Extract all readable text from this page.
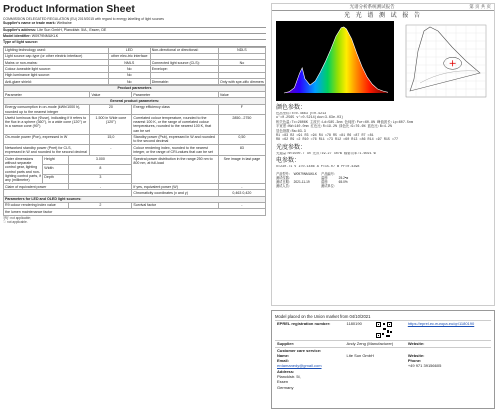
Product Information Sheet
COMMISSION DELEGATED REGULATION (EU) 2019/2015 with regard to energy labelling of light sources
Supplier's name or trade mark: Weibaine
Supplier's address: Lite Sun GmbH, Plancklstr. 5/A , Essen, DE
Model identifier: W0979NMUKLK
Type of light source:
Lighting technology used:	LED	Non-directional or directional:	NDLS
Light source cap-type (or other electric interface)	other elec-tric interface		
Mains or non-mains:	NMLS	Connected light source (CLS):	No
Colour-tuneable light source:	No	Envelope:	
High luminance light source:	No		
Anti-glare shield:	No	Dimmable:	Only with spe-cific dimmers
Product parameters			
Parameter	Value	Parameter	Value
General product parameters:			
Energy consumption in on-mode (kWh/1000 h), rounded up to the nearest integer	20	Energy efficiency class	F
Useful luminous flux (Φuse), indicating if it refers to the flux in a sphere (360°), in a wide cone (120°) or in a narrow cone (90°)	1.500 in Wide cone (120°)	Correlated colour temperature, rounded to the nearest 100 K, or the range of correlated colour temperatures, rounded to the nearest 100 K, that can be set	2850...2750
On-mode power (Pon), expressed in W	15,0	Standby power (Psb), expressed in W and rounded to the second decimal	0,50
Networked standby power (Pnet) for CLS, expressed in W and rounded to the second decimal	-	Colour rendering index, rounded to the nearest integer, or the range of CRI-values that can be set	83
Outer dimensions without separate control gear, lighting control parts and non-lighting control parts, if any (millimetre)	Height	3.000	Spectral power distribution in the range 250 nm to 800 nm, at full-load	See image in last page
	Width	8		
	Depth	3		
Claim of equivalent power		-	If yes, equivalent power (W)	-
			Chromaticity coordinates (x and y)	0,463 0,420
Parameters for LED and OLED light sources:				
R9 colour rendering index value		2	Survival factor	-
the lumen maintenance factor				
'(R)': not applicable;
'-': not applicable.
光谱分析系统测试报告	第 页 共 页
光 光 谱 测 试 报 告
颜色参数：
色品坐标:x=0.4663 y=0.4213
u'=0.2565 v'=0.5214(duv=3.63e-03)
相关色温:Tc=2806K 主波长:Ld=585.3nm 色纯度:Pur=60.8% 峰值波长:Lp=607.5nm
半宽度:HW=140.0nm 红色比:R=19.2% 绿色比:G=76.6% 蓝色比:B=4.2%
显色指数:Ra=83.3
R1 =83 R2 =91 R3 =94 R4 =78 R5 =81 R6 =87 R7 =81
R8 =62 R9 =2 R10 =76 R11 =73 R12 =60 R13 =86 R14 =97 R15 =77
光度参数：
光通量:Φ=1500.7 lm 光效:19.27 lm/W 辐射功率:1.6021 W
电参数：
U=230.71 V I=0.1486 A P=15.07 W PF=0.4398
产品型号:	W0979NMUKLK	产品编号:	
测试仪器:		温度:	25.2℃
测试日期:	2021-11-19	湿度:	65.0%
测试人员:		测试单位:	
Model placed on the Union market from 04/10/2021
EPREL registration number:	1180190		https://eprel.ec.europa.eu/qr/1180190

Supplier:	Andy Zeng (Manufacturer)		Website:
Customer care service:			
Name:	Lite Sun GmbH		Website:
Email:			Phone:
erdamanedy@gmail.com			+49 971 39156605
Address:			
Plancklstr. 5l,			
Essen			
Germany			
